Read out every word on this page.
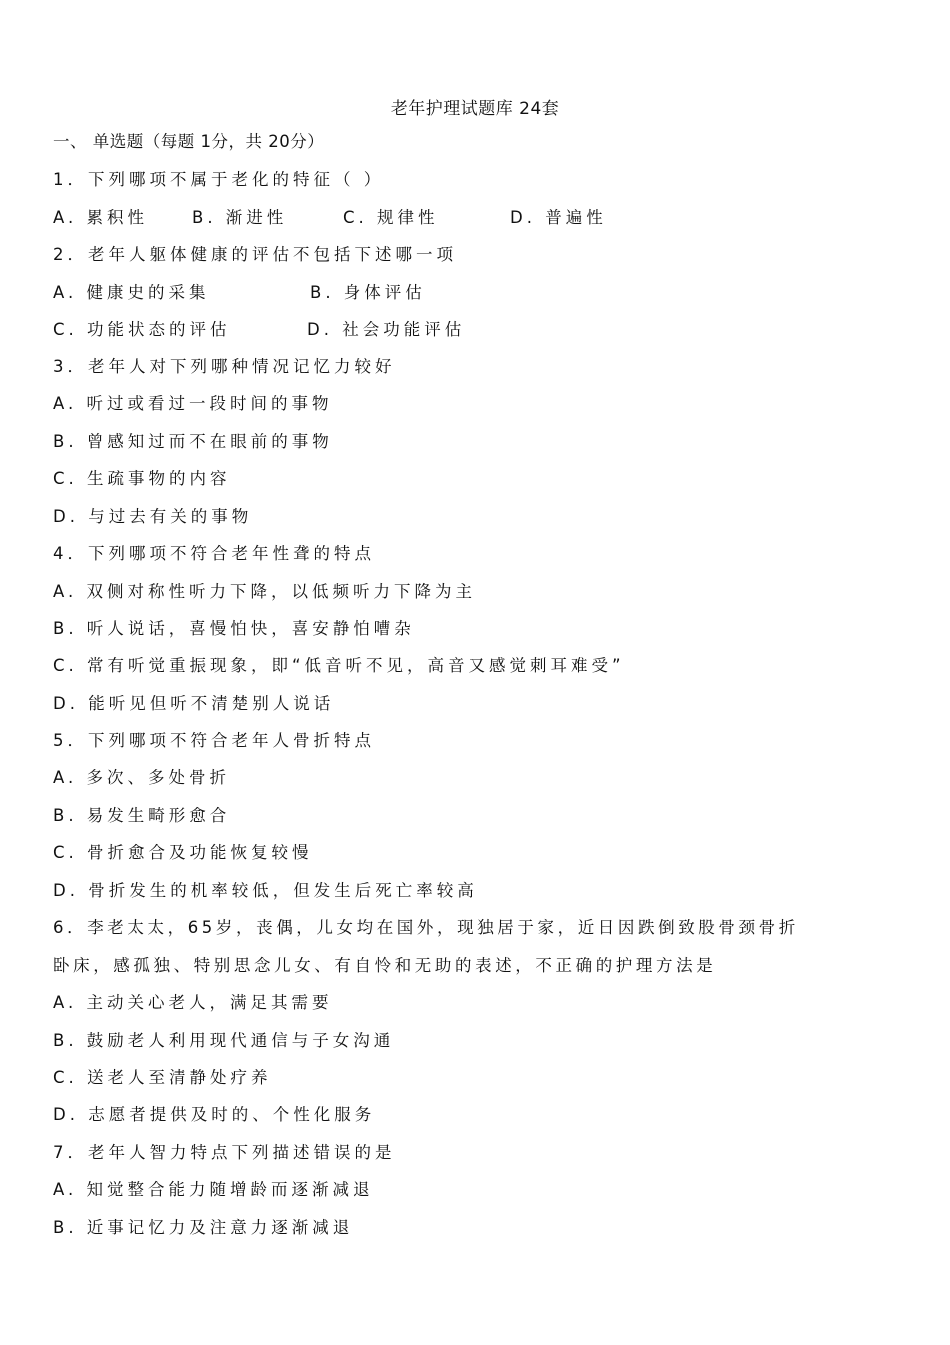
老年护理试题库 24套
一、 单选题（每题 1分，共 20分）
1．下列哪项不属于老化的特征（ ）
A. 累积性	B. 渐进性	C. 规律性	D. 普遍性
2．老年人躯体健康的评估不包括下述哪一项
A. 健康史的采集	B. 身体评估
C. 功能状态的评估	D. 社会功能评估
3．老年人对下列哪种情况记忆力较好
A. 听过或看过一段时间的事物
B. 曾感知过而不在眼前的事物
C. 生疏事物的内容
D. 与过去有关的事物
4．下列哪项不符合老年性聋的特点
A. 双侧对称性听力下降，以低频听力下降为主
B. 听人说话，喜慢怕快，喜安静怕嘈杂
C. 常有听觉重振现象，即“低音听不见，高音又感觉刺耳难受”
D. 能听见但听不清楚别人说话
5．下列哪项不符合老年人骨折特点
A. 多次、多处骨折
B. 易发生畸形愈合
C. 骨折愈合及功能恢复较慢
D. 骨折发生的机率较低，但发生后死亡率较高
6．李老太太，65岁，丧偶，儿女均在国外，现独居于家，近日因跌倒致股骨颈骨折
卧床，感孤独、特别思念儿女、有自怜和无助的表述，不正确的护理方法是
A. 主动关心老人，满足其需要
B. 鼓励老人利用现代通信与子女沟通
C. 送老人至清静处疗养
D. 志愿者提供及时的、个性化服务
7．老年人智力特点下列描述错误的是
A. 知觉整合能力随增龄而逐渐减退
B. 近事记忆力及注意力逐渐减退
